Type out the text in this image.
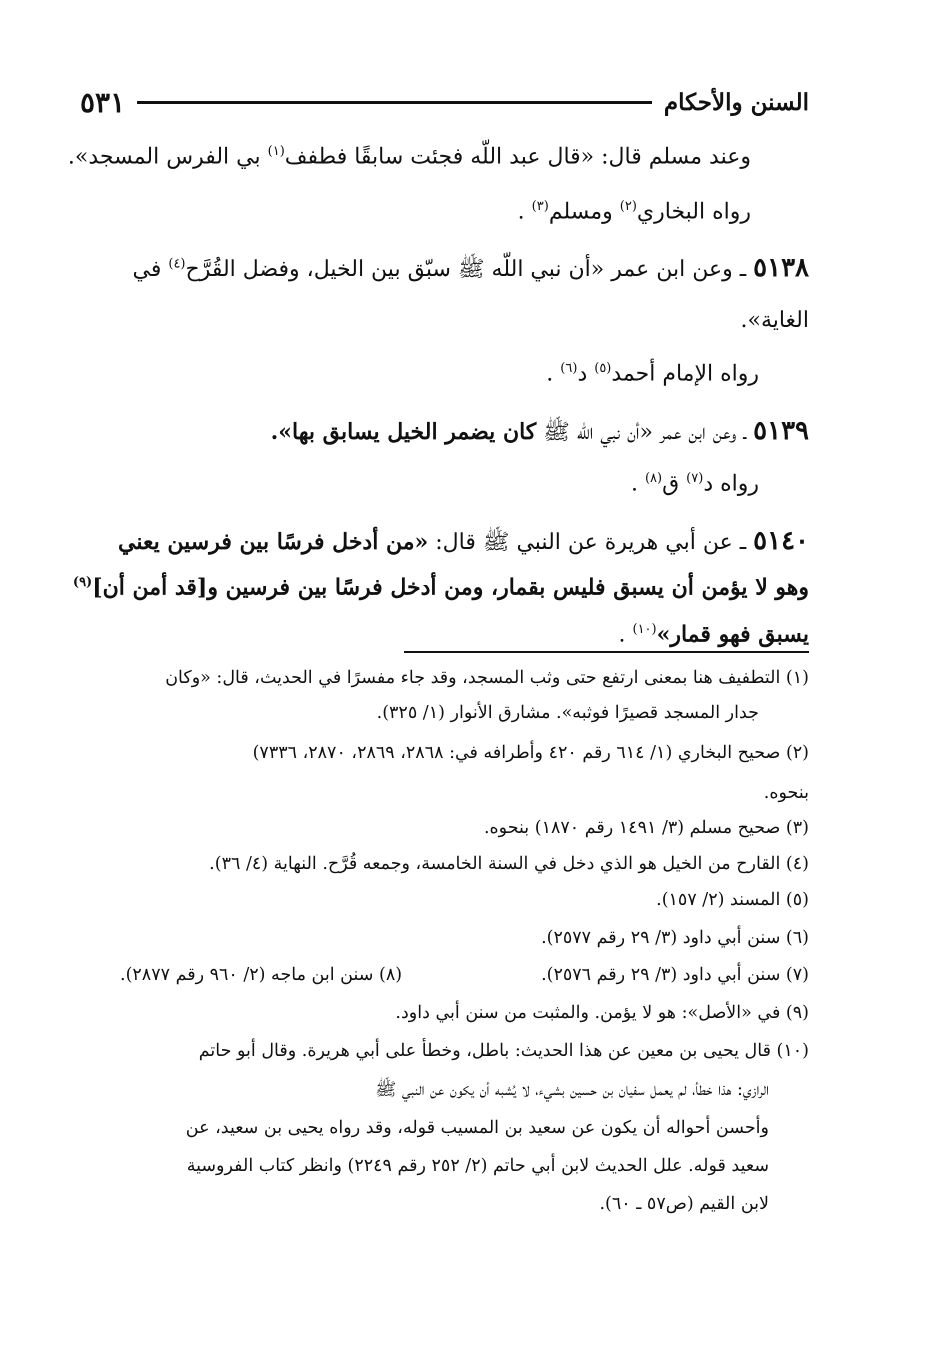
السنن والأحكام
٥٣١
وعند مسلم قال: «قال عبد اللّه فجئت سابقًا فطفف$^{(١)}$ بي الفرس المسجد».
رواه البخاري$^{(٢)}$ ومسلم$^{(٣)}$ .
٥١٣٨ ـ وعن ابن عمر «أن نبي اللّه ﷺ سبّق بين الخيل، وفضل القُرَّح$^{(٤)}$ في
الغاية».
رواه الإمام أحمد$^{(٥)}$ د$^{(٦)}$ .
٥١٣٩ ـ وعن ابن عمر «أن نبي اللّه ﷺ كان يضمر الخيل يسابق بها».
رواه د$^{(٧)}$ ق$^{(٨)}$ .
٥١٤٠ ـ عن أبي هريرة عن النبي ﷺ قال: «من أدخل فرسًا بين فرسين يعني
وهو لا يؤمن أن يسبق فليس بقمار، ومن أدخل فرسًا بين فرسين و[قد أمن أن]$^{(٩)}$
يسبق فهو قمار»$^{(١٠)}$ .
(١) التطفيف هنا بمعنى ارتفع حتى وثب المسجد، وقد جاء مفسرًا في الحديث، قال: «وكان
جدار المسجد قصيرًا فوثبه». مشارق الأنوار (١/ ٣٢٥).
(٢) صحيح البخاري (١/ ٦١٤ رقم ٤٢٠ وأطرافه في: ٢٨٦٨، ٢٨٦٩، ٢٨٧٠، ٧٣٣٦)
بنحوه.
(٣) صحيح مسلم (٣/ ١٤٩١ رقم ١٨٧٠) بنحوه.
(٤) القارح من الخيل هو الذي دخل في السنة الخامسة، وجمعه قُرَّح. النهاية (٤/ ٣٦).
(٥) المسند (٢/ ١٥٧).
(٦) سنن أبي داود (٣/ ٢٩ رقم ٢٥٧٧).
(٧) سنن أبي داود (٣/ ٢٩ رقم ٢٥٧٦).
(٨) سنن ابن ماجه (٢/ ٩٦٠ رقم ٢٨٧٧).
(٩) في «الأصل»: هو لا يؤمن. والمثبت من سنن أبي داود.
(١٠) قال يحيى بن معين عن هذا الحديث: باطل، وخطأ على أبي هريرة. وقال أبو حاتم
الرازي: هذا خطأ، لم يعمل سفيان بن حسين بشيء، لا يُشبه أن يكون عن النبي ﷺ
وأحسن أحواله أن يكون عن سعيد بن المسيب قوله، وقد رواه يحيى بن سعيد، عن
سعيد قوله. علل الحديث لابن أبي حاتم (٢/ ٢٥٢ رقم ٢٢٤٩) وانظر كتاب الفروسية
لابن القيم (ص٥٧ ـ ٦٠).
